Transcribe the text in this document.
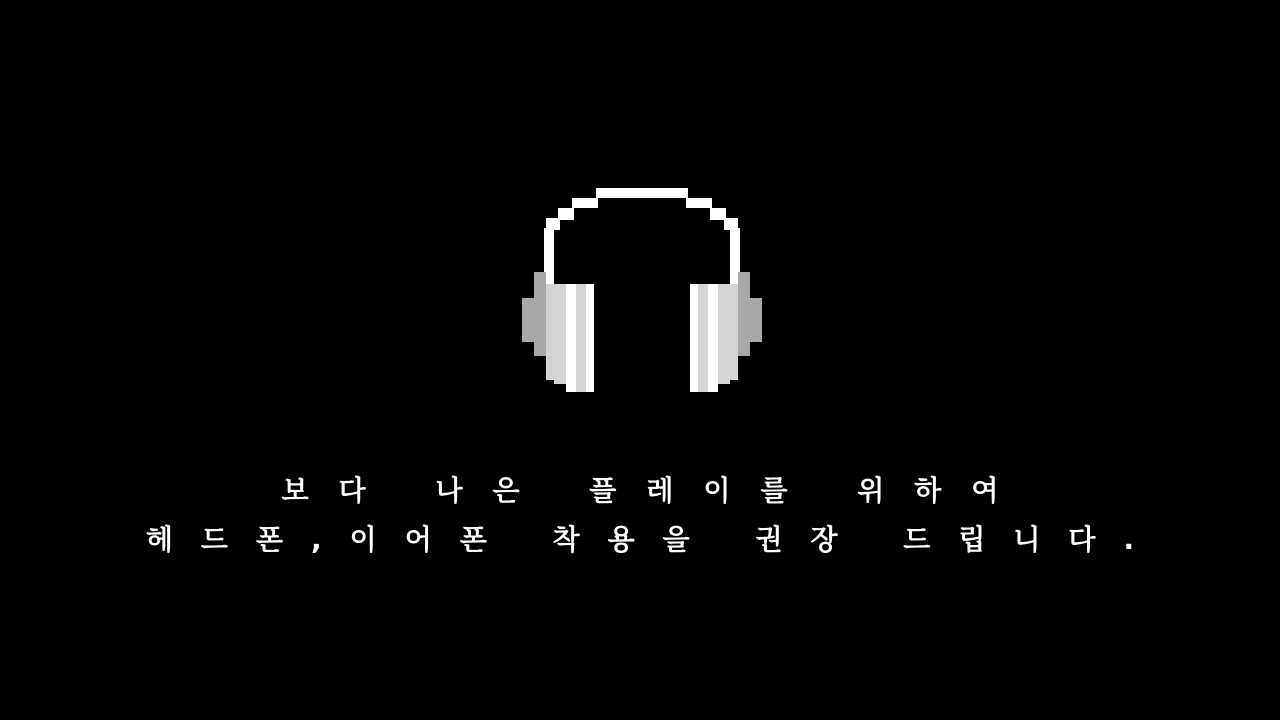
보다 나은 플레이를 위하여
헤드폰,이어폰 착용을 권장 드립니다.
